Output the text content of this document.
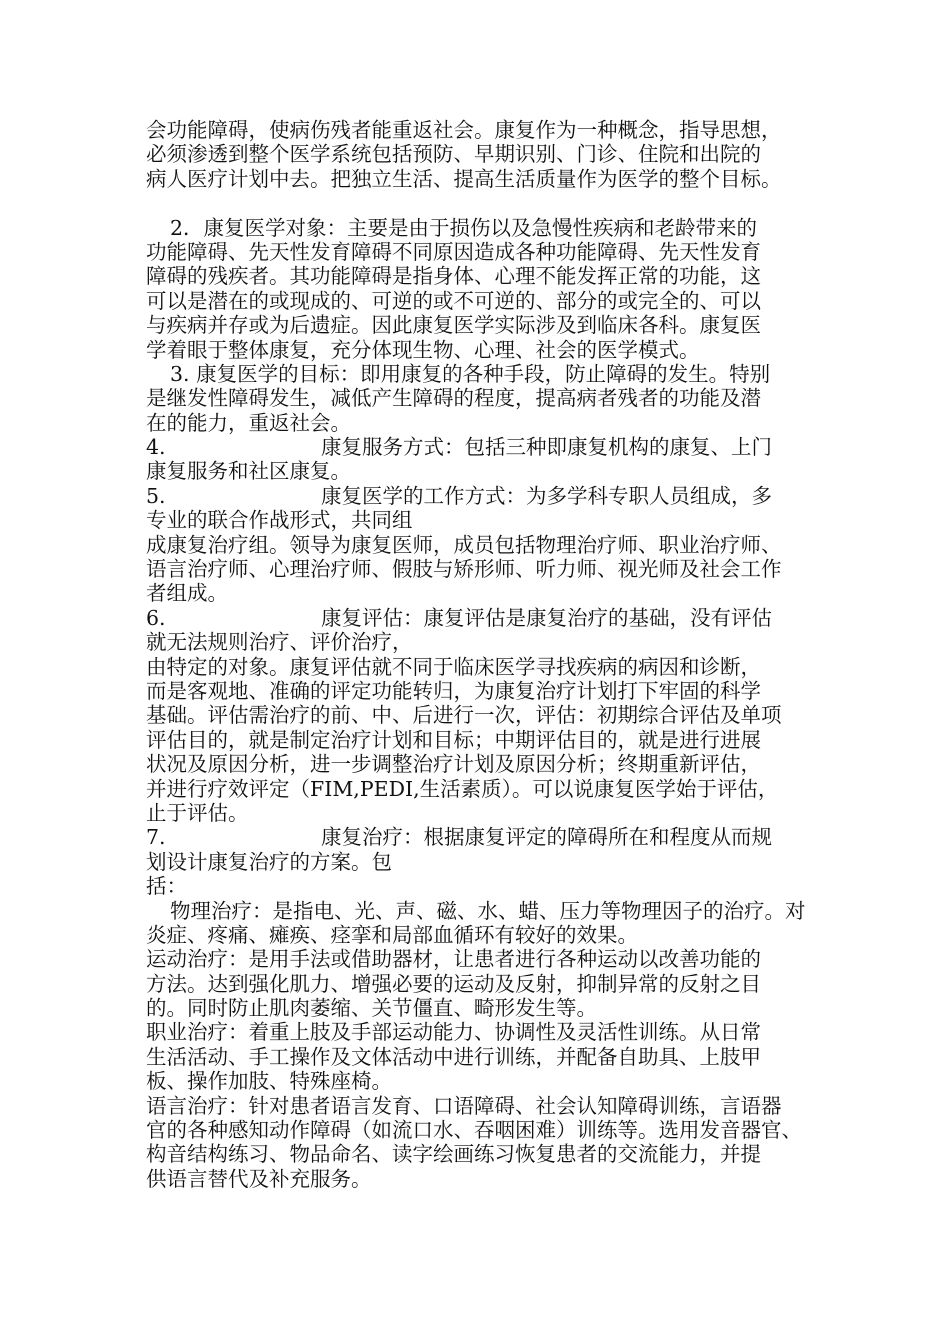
会功能障碍，使病伤残者能重返社会。康复作为一种概念，指导思想，
必须渗透到整个医学系统包括预防、早期识别、门诊、住院和出院的
病人医疗计划中去。把独立生活、提高生活质量作为医学的整个目标。
2．康复医学对象：主要是由于损伤以及急慢性疾病和老龄带来的
功能障碍、先天性发育障碍不同原因造成各种功能障碍、先天性发育
障碍的残疾者。其功能障碍是指身体、心理不能发挥正常的功能，这
可以是潜在的或现成的、可逆的或不可逆的、部分的或完全的、可以
与疾病并存或为后遗症。因此康复医学实际涉及到临床各科。康复医
学着眼于整体康复，充分体现生物、心理、社会的医学模式。
3. 康复医学的目标：即用康复的各种手段，防止障碍的发生。特别
是继发性障碍发生，减低产生障碍的程度，提高病者残者的功能及潜
在的能力，重返社会。
4.	康复服务方式：包括三种即康复机构的康复、上门
康复服务和社区康复。
5.	康复医学的工作方式：为多学科专职人员组成，多
专业的联合作战形式，共同组
成康复治疗组。领导为康复医师，成员包括物理治疗师、职业治疗师、
语言治疗师、心理治疗师、假肢与矫形师、听力师、视光师及社会工作
者组成。
6.	康复评估：康复评估是康复治疗的基础，没有评估
就无法规则治疗、评价治疗，
由特定的对象。康复评估就不同于临床医学寻找疾病的病因和诊断，
而是客观地、准确的评定功能转归，为康复治疗计划打下牢固的科学
基础。评估需治疗的前、中、后进行一次，评估：初期综合评估及单项
评估目的，就是制定治疗计划和目标；中期评估目的，就是进行进展
状况及原因分析，进一步调整治疗计划及原因分析；终期重新评估，
并进行疗效评定（FIM,PEDI,生活素质）。可以说康复医学始于评估，
止于评估。
7.	康复治疗：根据康复评定的障碍所在和程度从而规
划设计康复治疗的方案。包
括：
物理治疗：是指电、光、声、磁、水、蜡、压力等物理因子的治疗。对
炎症、疼痛、瘫痪、痉挛和局部血循环有较好的效果。
运动治疗：是用手法或借助器材，让患者进行各种运动以改善功能的
方法。达到强化肌力、增强必要的运动及反射，抑制异常的反射之目
的。同时防止肌肉萎缩、关节僵直、畸形发生等。
职业治疗：着重上肢及手部运动能力、协调性及灵活性训练。从日常
生活活动、手工操作及文体活动中进行训练，并配备自助具、上肢甲
板、操作加肢、特殊座椅。
语言治疗：针对患者语言发育、口语障碍、社会认知障碍训练，言语器
官的各种感知动作障碍（如流口水、吞咽困难）训练等。选用发音器官、
构音结构练习、物品命名、读字绘画练习恢复患者的交流能力，并提
供语言替代及补充服务。
